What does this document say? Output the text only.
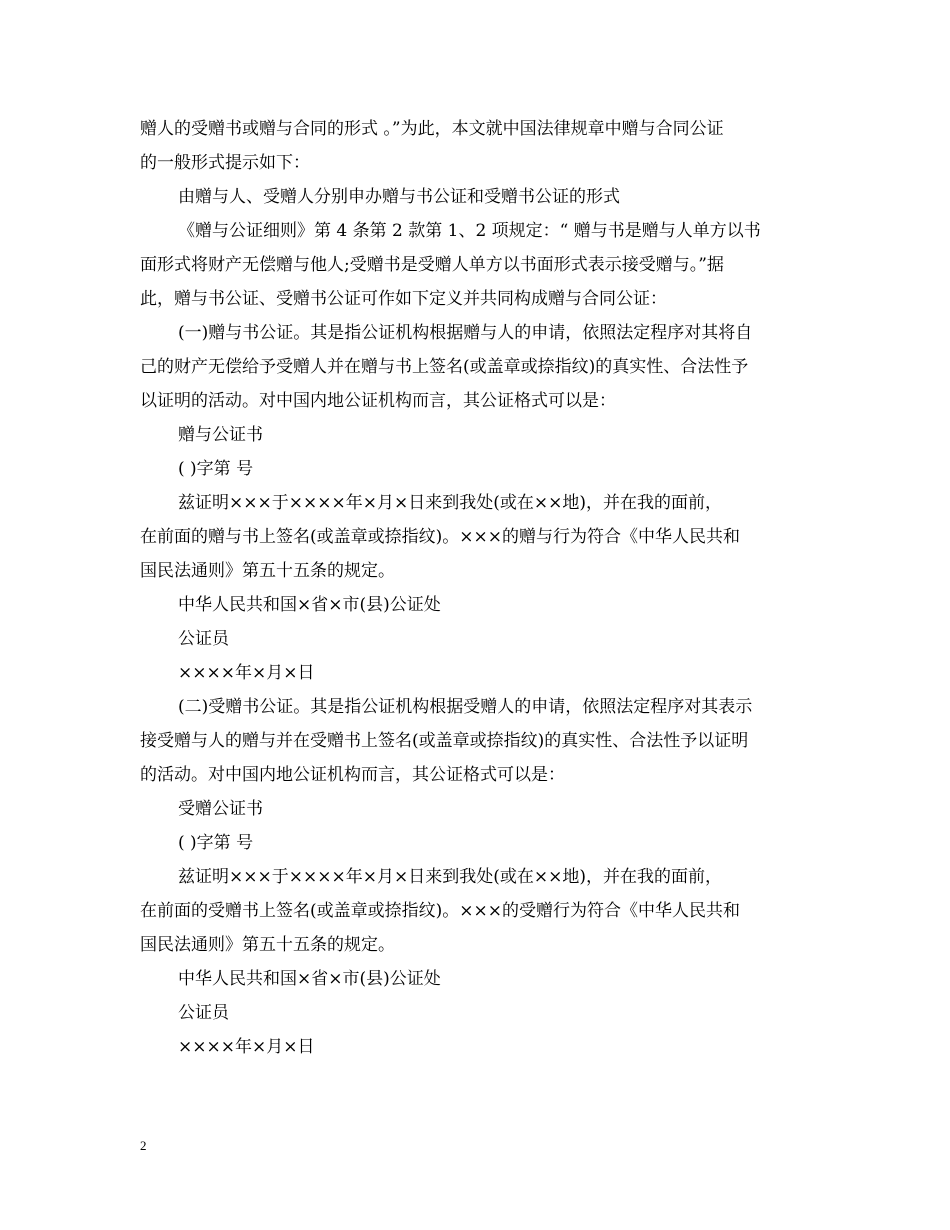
赠人的受赠书或赠与合同的形式 。”为此，本文就中国法律规章中赠与合同公证
的一般形式提示如下：
由赠与人、受赠人分别申办赠与书公证和受赠书公证的形式
《赠与公证细则》第 4 条第 2 款第 1、2 项规定：“ 赠与书是赠与人单方以书
面形式将财产无偿赠与他人;受赠书是受赠人单方以书面形式表示接受赠与。”据
此，赠与书公证、受赠书公证可作如下定义并共同构成赠与合同公证：
(一)赠与书公证。其是指公证机构根据赠与人的申请，依照法定程序对其将自
己的财产无偿给予受赠人并在赠与书上签名(或盖章或捺指纹)的真实性、合法性予
以证明的活动。对中国内地公证机构而言，其公证格式可以是：
赠与公证书
( )字第 号
兹证明×××于××××年×月×日来到我处(或在××地)，并在我的面前，
在前面的赠与书上签名(或盖章或捺指纹)。×××的赠与行为符合《中华人民共和
国民法通则》第五十五条的规定。
中华人民共和国×省×市(县)公证处
公证员
××××年×月×日
(二)受赠书公证。其是指公证机构根据受赠人的申请，依照法定程序对其表示
接受赠与人的赠与并在受赠书上签名(或盖章或捺指纹)的真实性、合法性予以证明
的活动。对中国内地公证机构而言，其公证格式可以是：
受赠公证书
( )字第 号
兹证明×××于××××年×月×日来到我处(或在××地)，并在我的面前，
在前面的受赠书上签名(或盖章或捺指纹)。×××的受赠行为符合《中华人民共和
国民法通则》第五十五条的规定。
中华人民共和国×省×市(县)公证处
公证员
××××年×月×日
2
